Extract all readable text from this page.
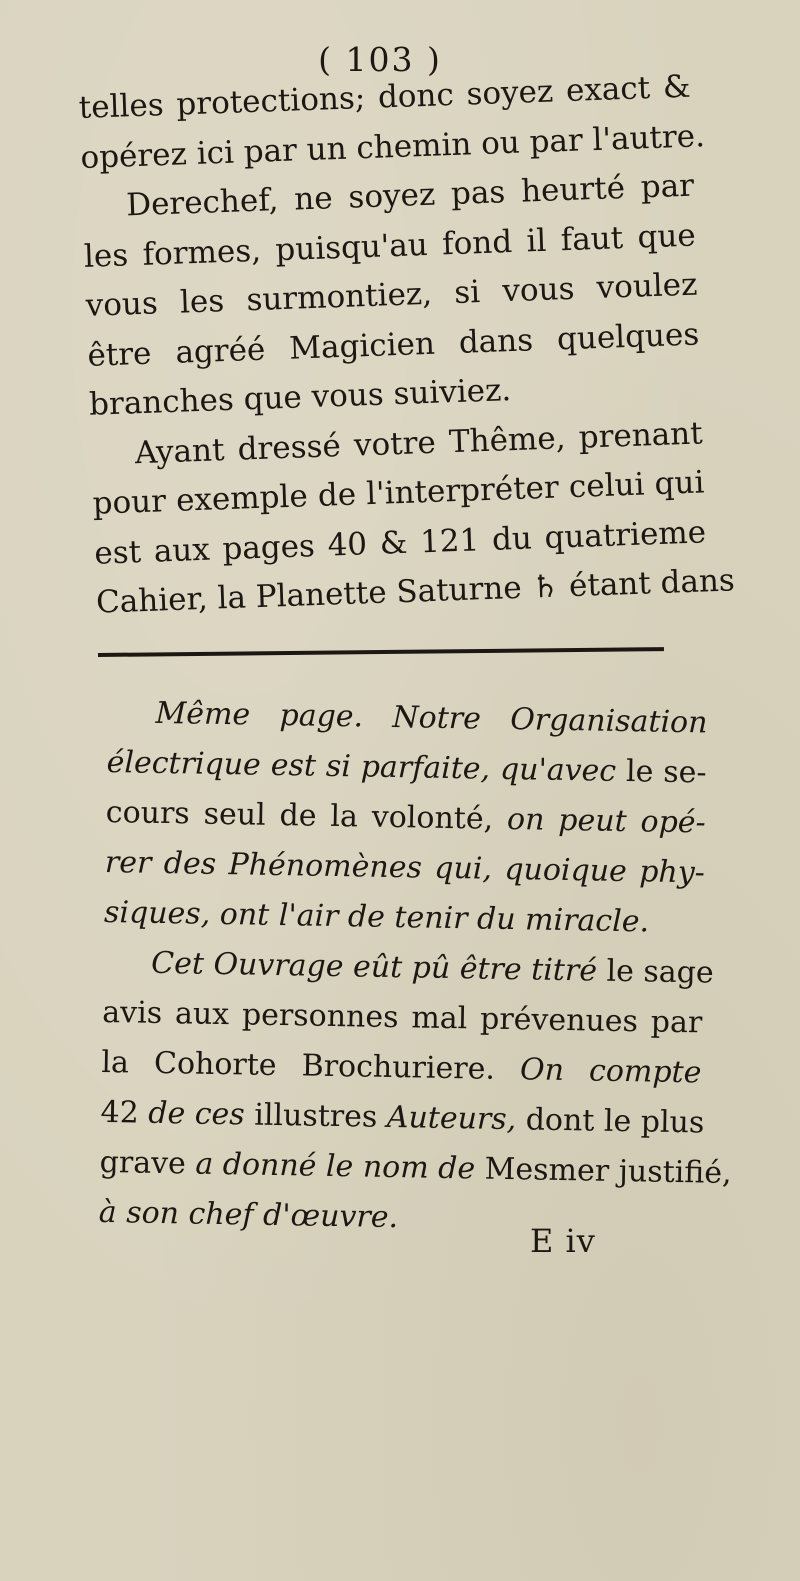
( 103 )
telles protections; donc soyez exact &
opérez ici par un chemin ou par l'autre.
Derechef, ne soyez pas heurté par
les formes, puisqu'au fond il faut que
vous les surmontiez, si vous voulez
être agréé Magicien dans quelques
branches que vous suiviez.
Ayant dressé votre Thême, prenant
pour exemple de l'interpréter celui qui
est aux pages 40 & 121 du quatrieme
Cahier, la Planette Saturne ♄ étant dans
Même page. Notre Organisation
électrique est si parfaite, qu'avec le se-
cours seul de la volonté, on peut opé-
rer des Phénomènes qui, quoique phy-
siques, ont l'air de tenir du miracle.
Cet Ouvrage eût pû être titré le sage
avis aux personnes mal prévenues par
la Cohorte Brochuriere. On compte
42 de ces illustres Auteurs, dont le plus
grave a donné le nom de Mesmer justifié,
à son chef d'œuvre.
E iv
